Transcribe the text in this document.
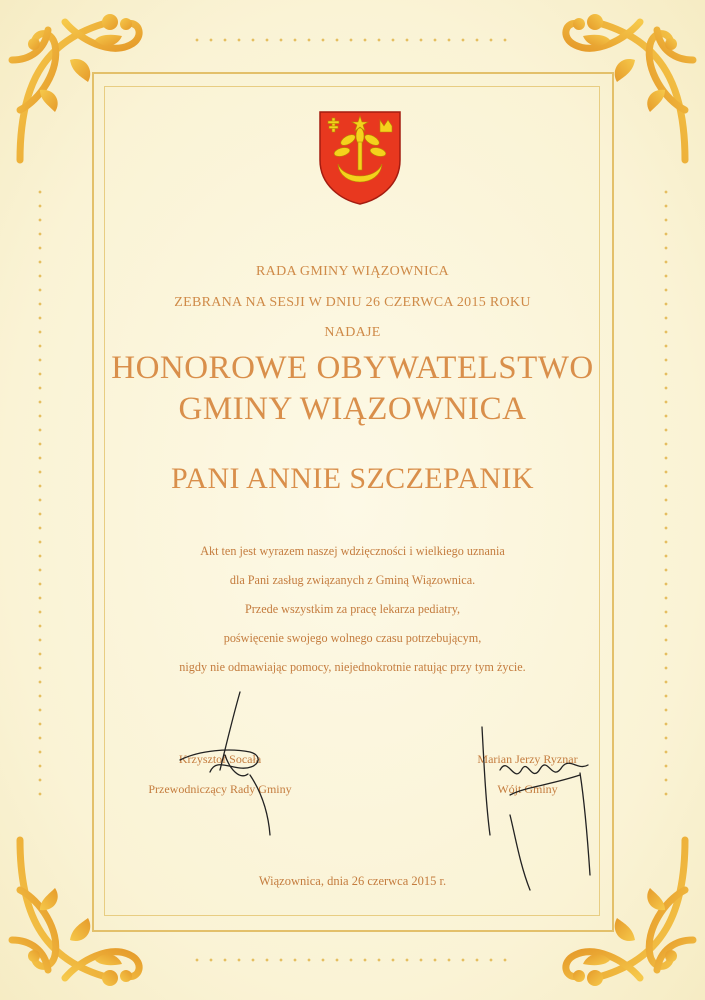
RADA GMINY WIĄZOWNICA
ZEBRANA NA SESJI W DNIU 26 CZERWCA 2015 ROKU
NADAJE
HONOROWE OBYWATELSTWO
GMINY WIĄZOWNICA
PANI ANNIE SZCZEPANIK
Akt ten jest wyrazem naszej wdzięczności i wielkiego uznania
dla Pani zasług związanych z Gminą Wiązownica.
Przede wszystkim za pracę lekarza pediatry,
poświęcenie swojego wolnego czasu potrzebującym,
nigdy nie odmawiając pomocy, niejednokrotnie ratując przy tym życie.
Krzysztof Socała
Przewodniczący Rady Gminy
Marian Jerzy Ryznar
Wójt Gminy
Wiązownica, dnia 26 czerwca 2015 r.
